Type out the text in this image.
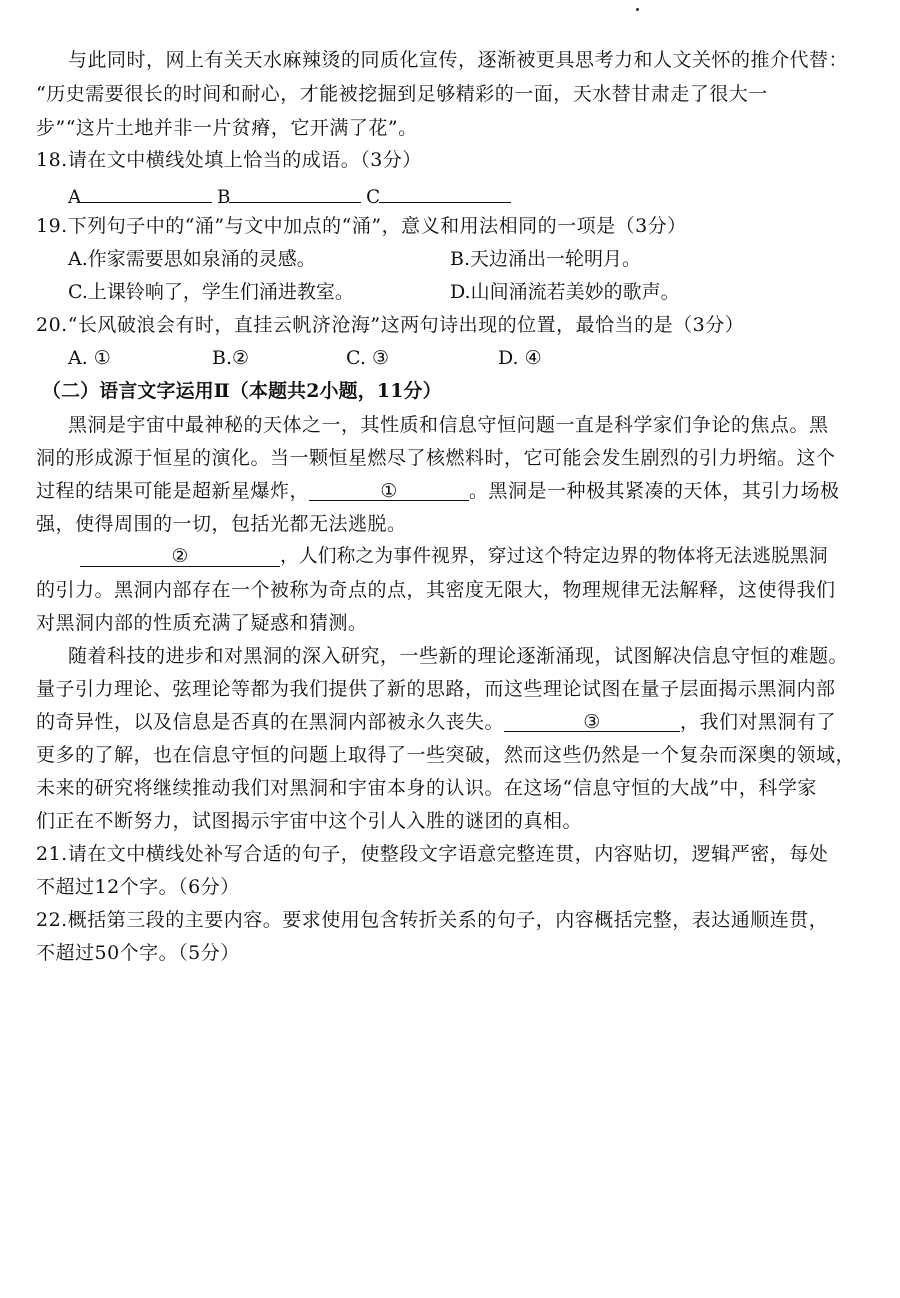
与此同时，网上有关天水麻辣烫的同质化宣传，逐渐被更具思考力和人文关怀的推介代替：
“历史需要很长的时间和耐心，才能被挖掘到足够精彩的一面，天水替甘肃走了很大一
步”“这片土地并非一片贫瘠，它开满了花”。
18.请在文中横线处填上恰当的成语。（3分）
A	B	C
19.下列句子中的“涌”与文中加点的“涌”，意义和用法相同的一项是（3分）
A.作家需要思如泉涌的灵感。	B.天边涌出一轮明月。
C.上课铃响了，学生们涌进教室。	D.山间涌流若美妙的歌声。
20.“长风破浪会有时，直挂云帆济沧海”这两句诗出现的位置，最恰当的是（3分）
A. ①	B.②	C. ③	D. ④
（二）语言文字运用Ⅱ（本题共2小题，11分）
黑洞是宇宙中最神秘的天体之一，其性质和信息守恒问题一直是科学家们争论的焦点。黑
洞的形成源于恒星的演化。当一颗恒星燃尽了核燃料时，它可能会发生剧烈的引力坍缩。这个
过程的结果可能是超新星爆炸，	①	。黑洞是一种极其紧凑的天体，其引力场极
强，使得周围的一切，包括光都无法逃脱。
②	，人们称之为事件视界，穿过这个特定边界的物体将无法逃脱黑洞
的引力。黑洞内部存在一个被称为奇点的点，其密度无限大，物理规律无法解释，这使得我们
对黑洞内部的性质充满了疑惑和猜测。
随着科技的进步和对黑洞的深入研究，一些新的理论逐渐涌现，试图解决信息守恒的难题。
量子引力理论、弦理论等都为我们提供了新的思路，而这些理论试图在量子层面揭示黑洞内部
的奇异性，以及信息是否真的在黑洞内部被永久丧失。	③	，我们对黑洞有了
更多的了解，也在信息守恒的问题上取得了一些突破，然而这些仍然是一个复杂而深奥的领域，
未来的研究将继续推动我们对黑洞和宇宙本身的认识。在这场“信息守恒的大战”中，科学家
们正在不断努力，试图揭示宇宙中这个引人入胜的谜团的真相。
21.请在文中横线处补写合适的句子，使整段文字语意完整连贯，内容贴切，逻辑严密，每处
不超过12个字。（6分）
22.概括第三段的主要内容。要求使用包含转折关系的句子，内容概括完整，表达通顺连贯，
不超过50个字。（5分）
